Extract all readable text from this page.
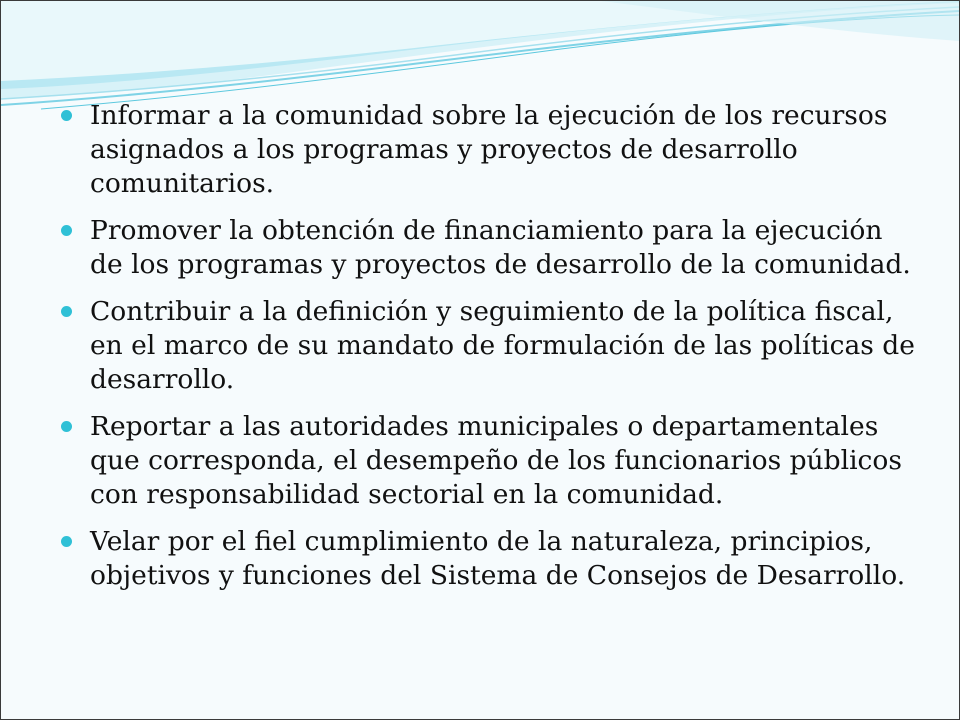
Informar a la comunidad sobre la ejecución de los recursos asignados a los programas y proyectos de desarrollo comunitarios.
Promover la obtención de financiamiento para la ejecución de los programas y proyectos de desarrollo de la comunidad.
Contribuir a la definición y seguimiento de la política fiscal, en el marco de su mandato de formulación de las políticas de desarrollo.
Reportar a las autoridades municipales o departamentales que corresponda, el desempeño de los funcionarios públicos con responsabilidad sectorial en la comunidad.
Velar por el fiel cumplimiento de la naturaleza, principios, objetivos y funciones del Sistema de Consejos de Desarrollo.
